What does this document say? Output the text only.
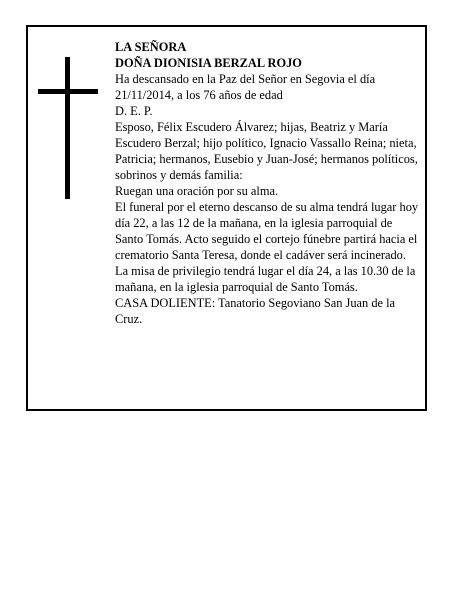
LA SEÑORA

DOÑA DIONISIA BERZAL ROJO

Ha descansado en la Paz del Señor en Segovia el día 21/11/2014, a los 76 años de edad

D. E. P.

Esposo, Félix Escudero Álvarez; hijas, Beatriz y María Escudero Berzal; hijo político, Ignacio Vassallo Reina; nieta, Patricia; hermanos, Eusebio y Juan-José; hermanos políticos, sobrinos y demás familia:

Ruegan una oración por su alma.

El funeral por el eterno descanso de su alma tendrá lugar hoy día 22, a las 12 de la mañana, en la iglesia parroquial de Santo Tomás. Acto seguido el cortejo fúnebre partirá hacia el crematorio Santa Teresa, donde el cadáver será incinerado. La misa de privilegio tendrá lugar el día 24, a las 10.30 de la mañana, en la iglesia parroquial de Santo Tomás.

CASA DOLIENTE: Tanatorio Segoviano San Juan de la Cruz.
